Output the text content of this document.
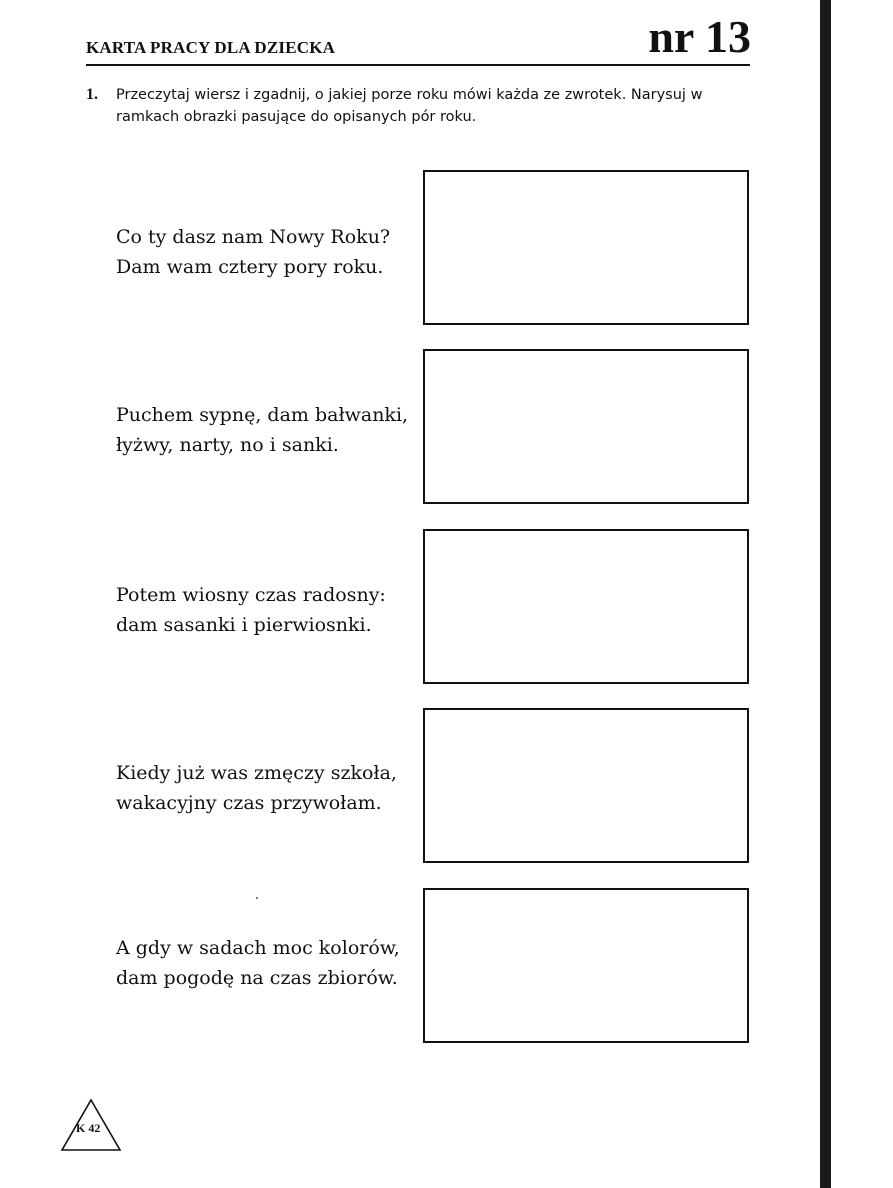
KARTA PRACY DLA DZIECKA	nr 13
1.	Przeczytaj wiersz i zgadnij, o jakiej porze roku mówi każda ze zwrotek. Narysuj w ramkach obrazki pasujące do opisanych pór roku.
Co ty dasz nam Nowy Roku?
Dam wam cztery pory roku.
Puchem sypnę, dam bałwanki,
łyżwy, narty, no i sanki.
Potem wiosny czas radosny:
dam sasanki i pierwiosnki.
Kiedy już was zmęczy szkoła,
wakacyjny czas przywołam.
A gdy w sadach moc kolorów,
dam pogodę na czas zbiorów.
K 42
